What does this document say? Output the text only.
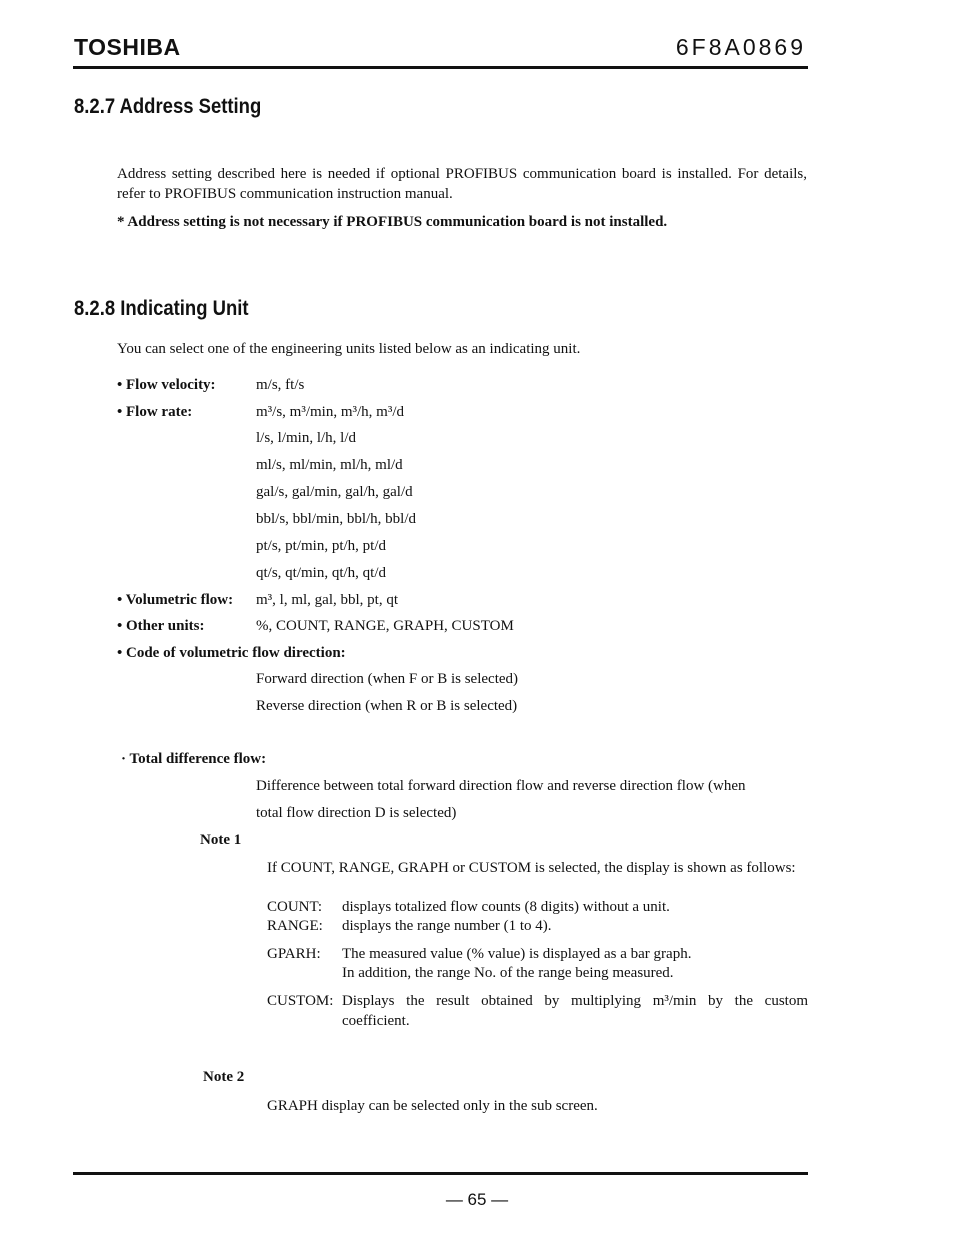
TOSHIBA	6F8A0869
8.2.7 Address Setting
Address setting described here is needed if optional PROFIBUS communication board is installed. For details, refer to PROFIBUS communication instruction manual.
* Address setting is not necessary if PROFIBUS communication board is not installed.
8.2.8 Indicating Unit
You can select one of the engineering units listed below as an indicating unit.
• Flow velocity:	m/s, ft/s
• Flow rate:	m³/s, m³/min, m³/h, m³/d
l/s, l/min, l/h, l/d
ml/s, ml/min, ml/h, ml/d
gal/s, gal/min, gal/h, gal/d
bbl/s, bbl/min, bbl/h, bbl/d
pt/s, pt/min, pt/h, pt/d
qt/s, qt/min, qt/h, qt/d
• Volumetric flow: m³, l, ml, gal, bbl, pt, qt
• Other units:	%, COUNT, RANGE, GRAPH, CUSTOM
• Code of volumetric flow direction:
Forward direction (when F or B is selected)
Reverse direction (when R or B is selected)
· Total difference flow:
Difference between total forward direction flow and reverse direction flow (when
total flow direction D is selected)
Note 1
If COUNT, RANGE, GRAPH or CUSTOM is selected, the display is shown as follows:
COUNT: displays totalized flow counts (8 digits) without a unit.
RANGE: displays the range number (1 to 4).
GPARH: The measured value (% value) is displayed as a bar graph.
In addition, the range No. of the range being measured.
CUSTOM: Displays the result obtained by multiplying m³/min by the custom coefficient.
Note 2
GRAPH display can be selected only in the sub screen.
— 65 —
